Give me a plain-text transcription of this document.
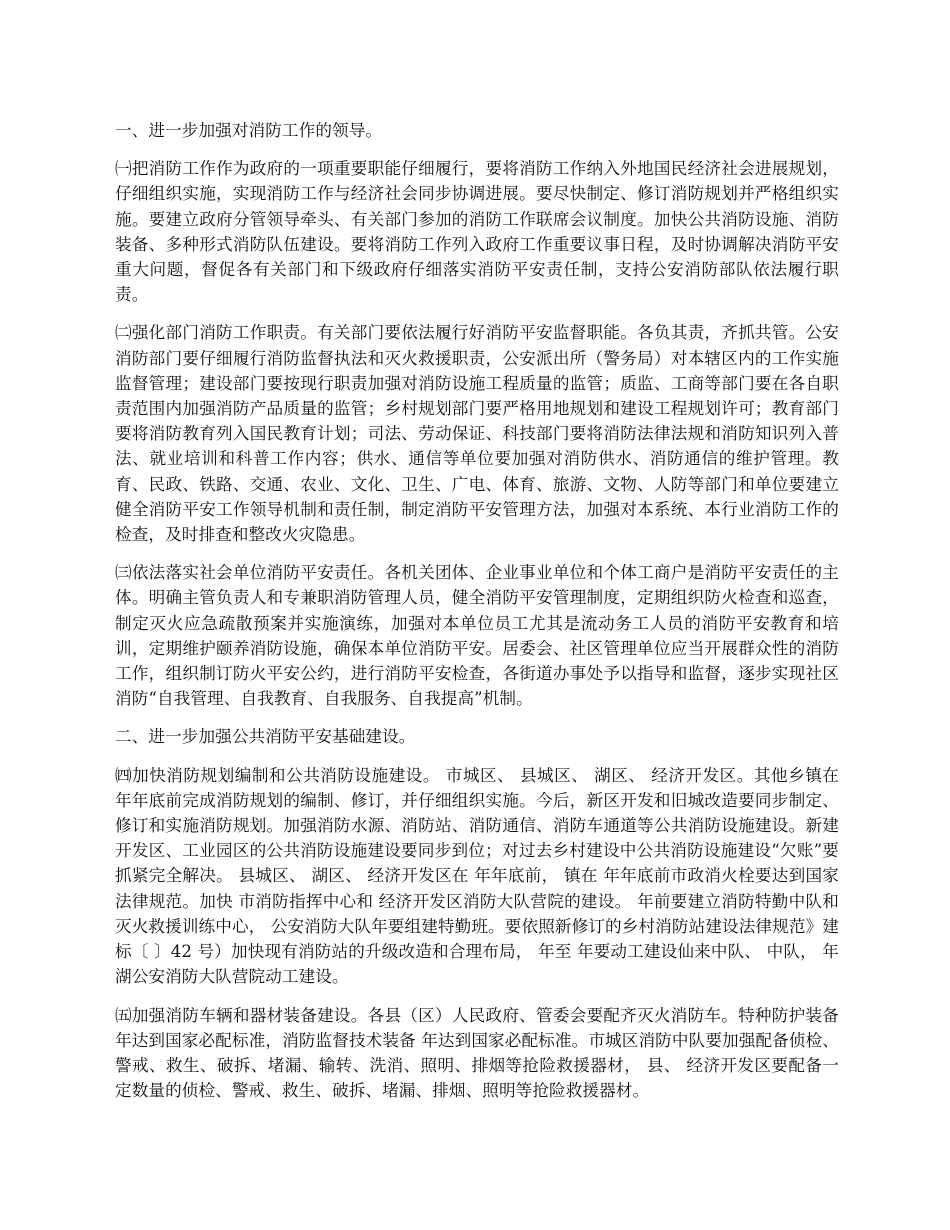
一、进一步加强对消防工作的领导。

㈠把消防工作作为政府的一项重要职能仔细履行，要将消防工作纳入外地国民经济社会进展规划，仔细组织实施，实现消防工作与经济社会同步协调进展。要尽快制定、修订消防规划并严格组织实施。要建立政府分管领导牵头、有关部门参加的消防工作联席会议制度。加快公共消防设施、消防装备、多种形式消防队伍建设。要将消防工作列入政府工作重要议事日程，及时协调解决消防平安重大问题，督促各有关部门和下级政府仔细落实消防平安责任制，支持公安消防部队依法履行职责。

㈡强化部门消防工作职责。有关部门要依法履行好消防平安监督职能。各负其责，齐抓共管。公安消防部门要仔细履行消防监督执法和灭火救援职责，公安派出所（警务局）对本辖区内的工作实施监督管理；建设部门要按现行职责加强对消防设施工程质量的监管；质监、工商等部门要在各自职责范围内加强消防产品质量的监管；乡村规划部门要严格用地规划和建设工程规划许可；教育部门要将消防教育列入国民教育计划；司法、劳动保证、科技部门要将消防法律法规和消防知识列入普法、就业培训和科普工作内容；供水、通信等单位要加强对消防供水、消防通信的维护管理。教育、民政、铁路、交通、农业、文化、卫生、广电、体育、旅游、文物、人防等部门和单位要建立健全消防平安工作领导机制和责任制，制定消防平安管理方法，加强对本系统、本行业消防工作的检查，及时排查和整改火灾隐患。

㈢依法落实社会单位消防平安责任。各机关团体、企业事业单位和个体工商户是消防平安责任的主体。明确主管负责人和专兼职消防管理人员，健全消防平安管理制度，定期组织防火检查和巡查，制定灭火应急疏散预案并实施演练，加强对本单位员工尤其是流动务工人员的消防平安教育和培训，定期维护颐养消防设施，确保本单位消防平安。居委会、社区管理单位应当开展群众性的消防工作，组织制订防火平安公约，进行消防平安检查，各街道办事处予以指导和监督，逐步实现社区消防“自我管理、自我教育、自我服务、自我提高”机制。

二、进一步加强公共消防平安基础建设。

㈣加快消防规划编制和公共消防设施建设。 市城区、 县城区、 湖区、 经济开发区。其他乡镇在 年年底前完成消防规划的编制、修订，并仔细组织实施。今后，新区开发和旧城改造要同步制定、修订和实施消防规划。加强消防水源、消防站、消防通信、消防车通道等公共消防设施建设。新建开发区、工业园区的公共消防设施建设要同步到位；对过去乡村建设中公共消防设施建设“欠账”要抓紧完全解决。 县城区、 湖区、 经济开发区在 年年底前， 镇在 年年底前市政消火栓要达到国家法律规范。加快 市消防指挥中心和 经济开发区消防大队营院的建设。 年前要建立消防特勤中队和灭火救援训练中心， 公安消防大队年要组建特勤班。要依照新修订的乡村消防站建设法律规范》建标〔 〕42 号）加快现有消防站的升级改造和合理布局， 年至 年要动工建设仙来中队、 中队， 年 湖公安消防大队营院动工建设。

㈤加强消防车辆和器材装备建设。各县（区）人民政府、管委会要配齐灭火消防车。特种防护装备 年达到国家必配标准，消防监督技术装备 年达到国家必配标准。市城区消防中队要加强配备侦检、警戒、救生、破拆、堵漏、输转、洗消、照明、排烟等抢险救援器材， 县、 经济开发区要配备一定数量的侦检、警戒、救生、破拆、堵漏、排烟、照明等抢险救援器材。
